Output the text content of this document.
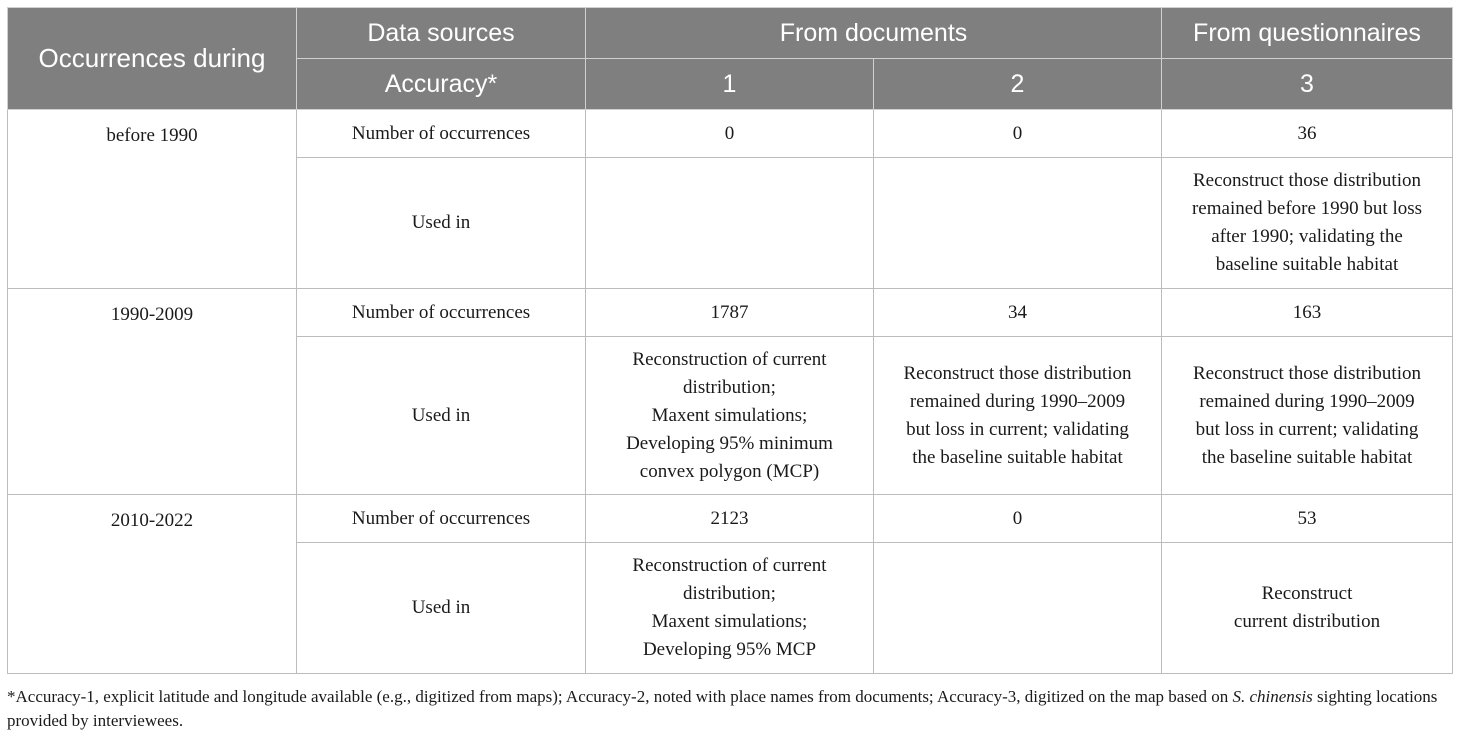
Occurrences during	Data sources	From documents		From questionnaires
	Accuracy*	1	2	3
before 1990	Number of occurrences	0	0	36
	Used in			Reconstruct those distribution
remained before 1990 but loss
after 1990; validating the
baseline suitable habitat
1990-2009	Number of occurrences	1787	34	163
	Used in	Reconstruction of current
distribution;
Maxent simulations;
Developing 95% minimum
convex polygon (MCP)	Reconstruct those distribution
remained during 1990–2009
but loss in current; validating
the baseline suitable habitat	Reconstruct those distribution
remained during 1990–2009
but loss in current; validating
the baseline suitable habitat
2010-2022	Number of occurrences	2123	0	53
	Used in	Reconstruction of current
distribution;
Maxent simulations;
Developing 95% MCP		Reconstruct
current distribution

*Accuracy-1, explicit latitude and longitude available (e.g., digitized from maps); Accuracy-2, noted with place names from documents; Accuracy-3, digitized on the map based on S. chinensis sighting locations provided by interviewees.
